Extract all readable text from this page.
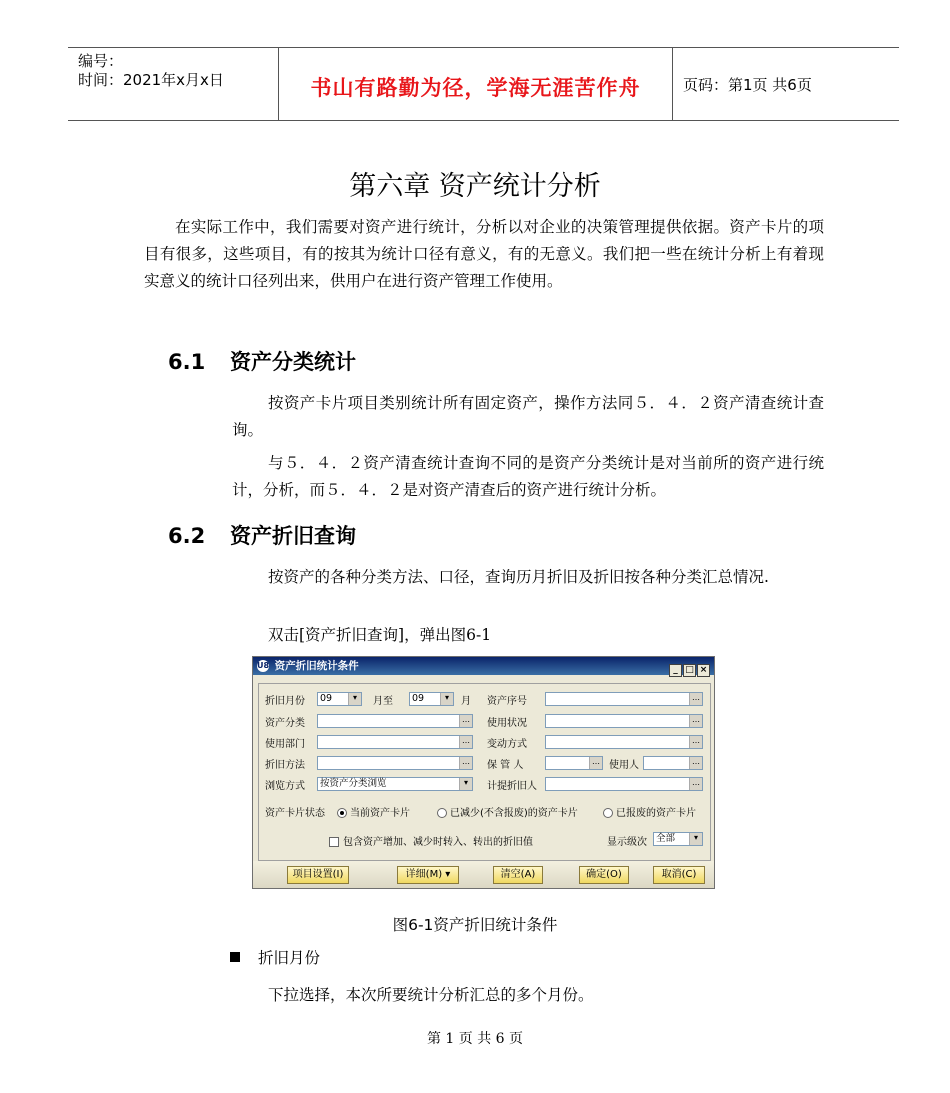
编号：
时间：2021年x月x日	书山有路勤为径，学海无涯苦作舟	页码：第1页 共6页
第六章 资产统计分析
在实际工作中，我们需要对资产进行统计，分析以对企业的决策管理提供依据。资产卡片的项目有很多，这些项目，有的按其为统计口径有意义，有的无意义。我们把一些在统计分析上有着现实意义的统计口径列出来，供用户在进行资产管理工作使用。
6.1 资产分类统计
按资产卡片项目类别统计所有固定资产，操作方法同５．４．２资产清查统计查询。
与５．４．２资产清查统计查询不同的是资产分类统计是对当前所的资产进行统计，分析，而５．４．２是对资产清查后的资产进行统计分析。
6.2 资产折旧查询
按资产的各种分类方法、口径，查询历月折旧及折旧按各种分类汇总情况.
双击[资产折旧查询]，弹出图6-1
U8 资产折旧统计条件	_ □ ×
折旧月份	09	▾	月至	09	▾	月 资产序号	…
资产分类	… 使用状况	…
使用部门	… 变动方式	…
折旧方法	… 保 管 人	… 使用人	…
浏览方式	按资产分类浏览	▾	计提折旧人	…
资产卡片状态	当前资产卡片	已减少(不含报废)的资产卡片	已报废的资产卡片
包含资产增加、减少时转入、转出的折旧值	显示级次 全部	▾
项目设置(I)	详细(M) ▾	清空(A)	确定(O)	取消(C)
图6-1资产折旧统计条件
折旧月份
下拉选择，本次所要统计分析汇总的多个月份。
第 1 页 共 6 页
